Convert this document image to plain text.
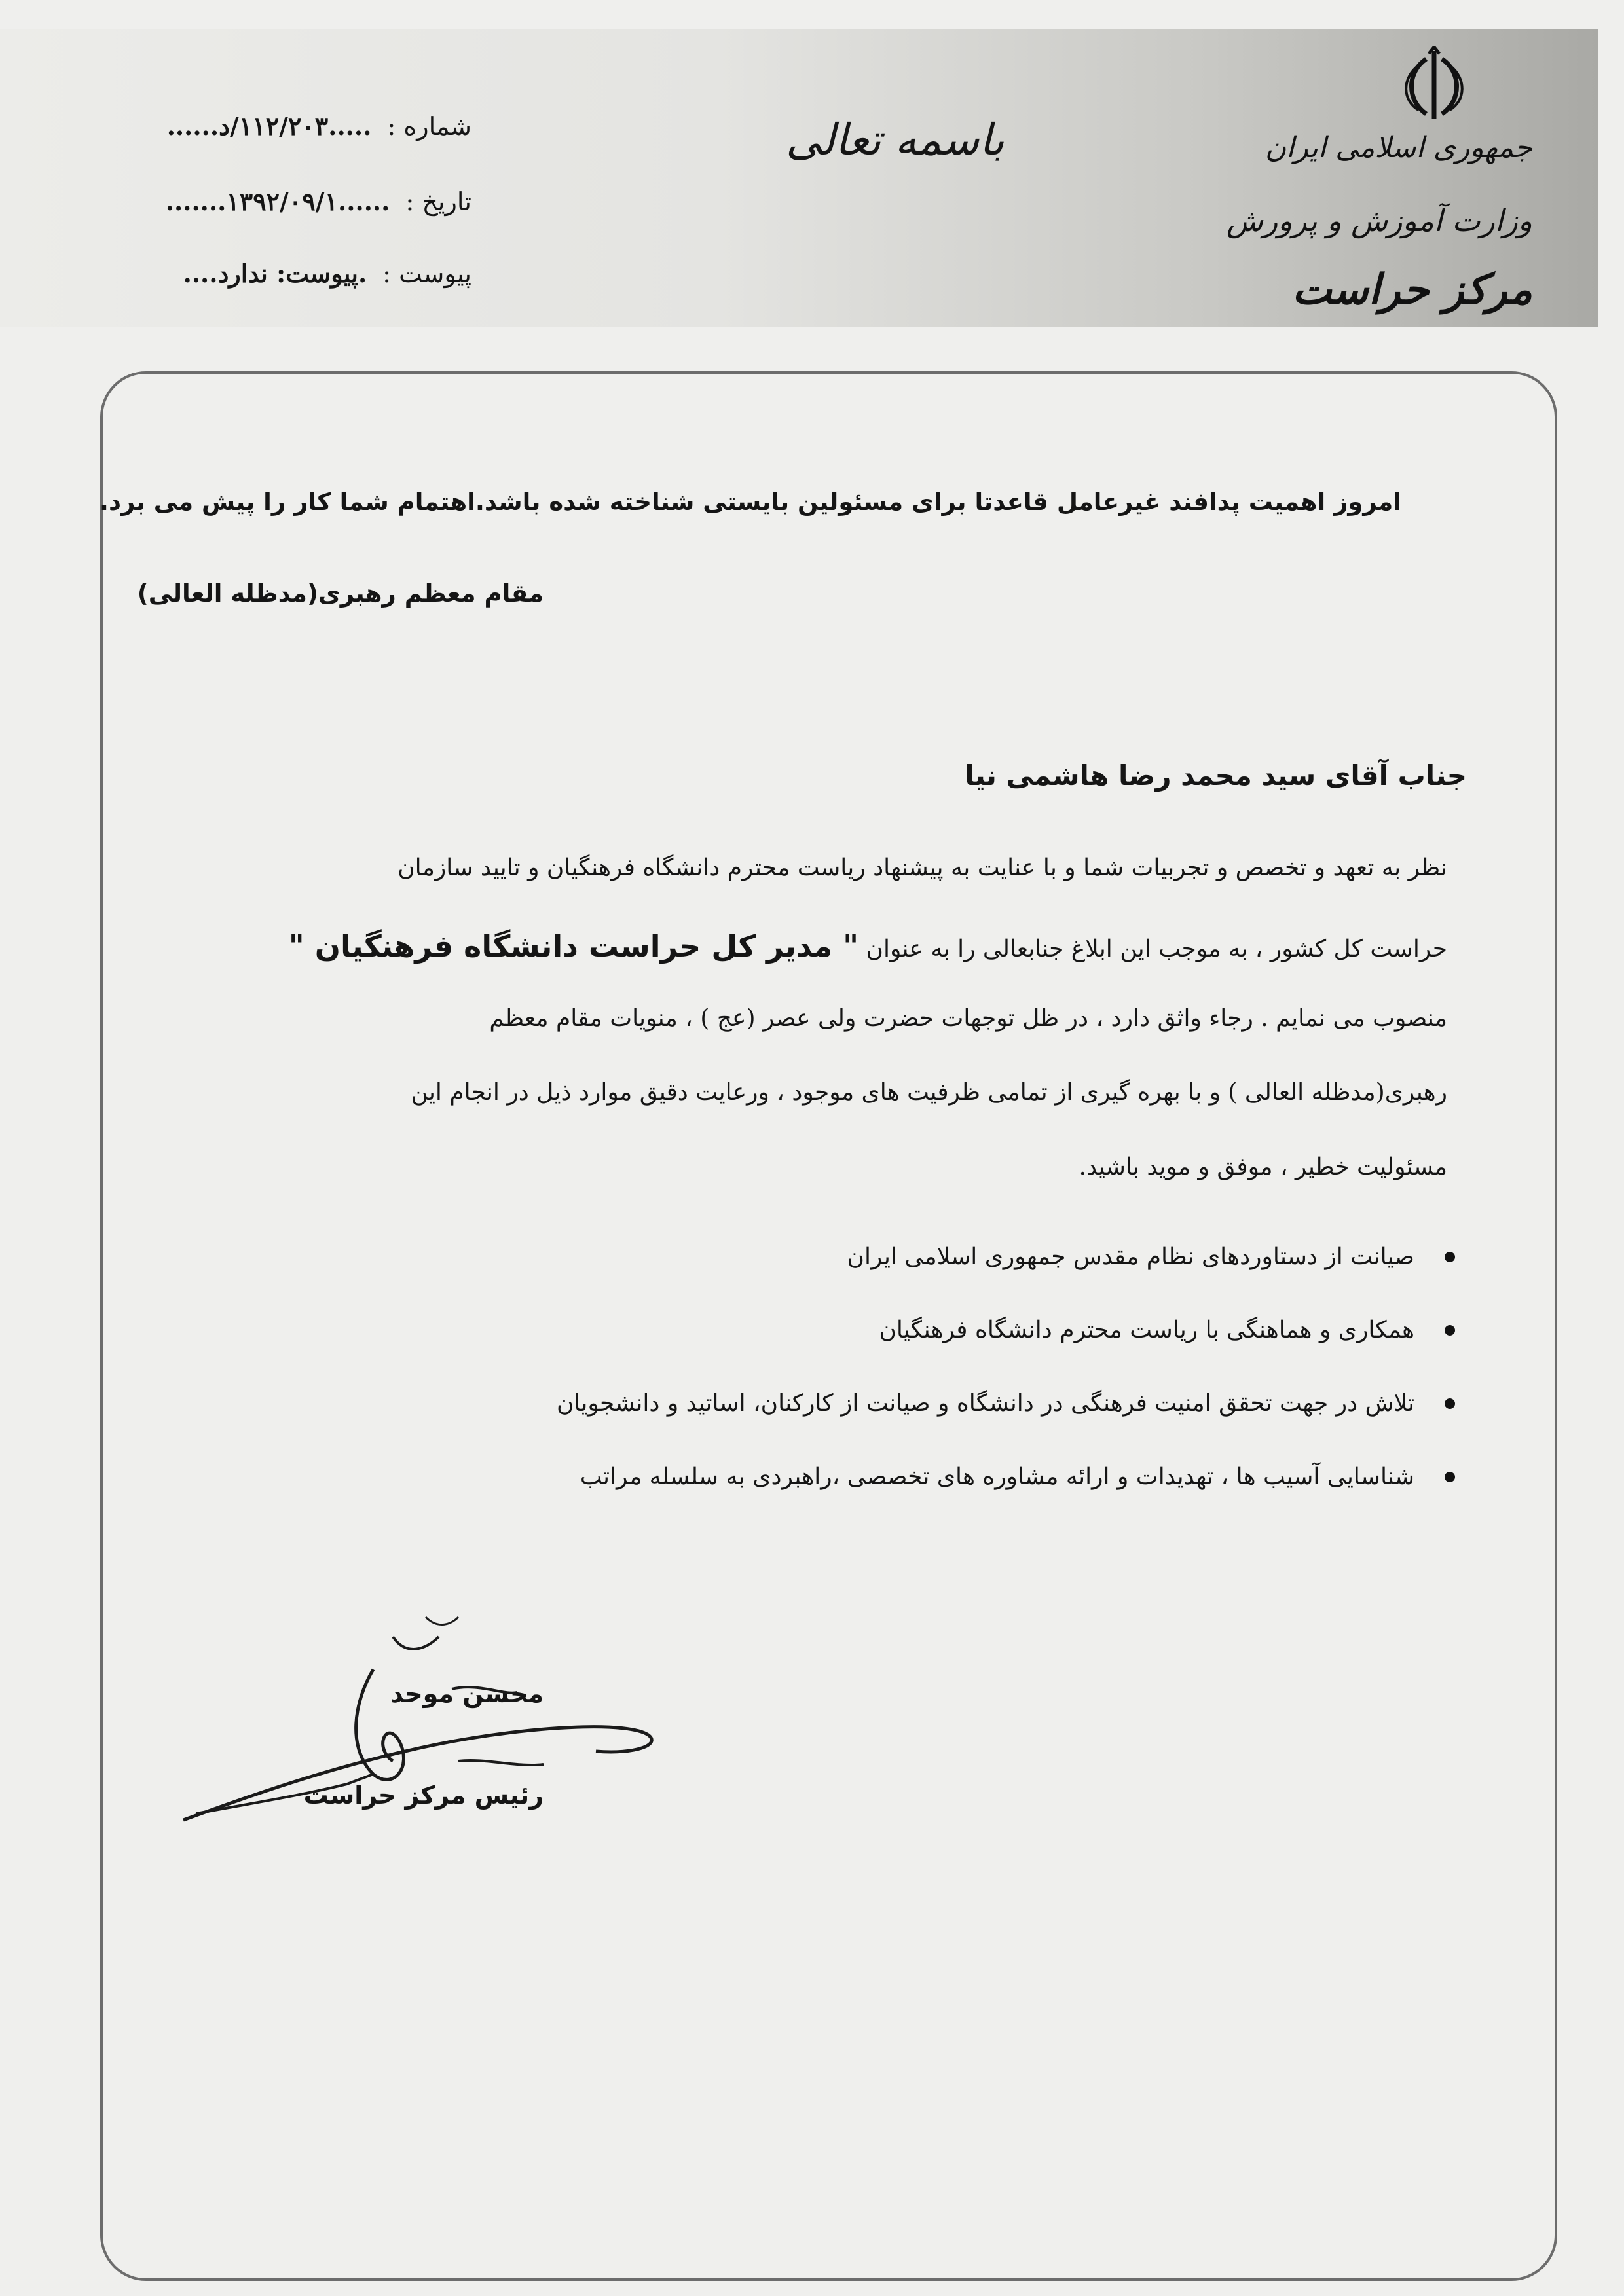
جمهوری اسلامی ایران
وزارت آموزش و پرورش
مرکز حراست
باسمه تعالی
شماره : .....۱۱۲/۲۰۳/د......
تاریخ : ......۱۳۹۲/۰۹/۱.......
پیوست : .پیوست: ندارد....
امروز اهمیت پدافند غیرعامل قاعدتا برای مسئولین بایستی شناخته شده باشد.اهتمام شما کار را پیش می برد.
مقام معظم رهبری(مدظله العالی)
جناب آقای سید محمد رضا هاشمی نیا
نظر به تعهد و تخصص و تجربیات شما و با عنایت به پیشنهاد ریاست محترم دانشگاه فرهنگیان و تایید سازمان
حراست کل کشور ، به موجب این ابلاغ جنابعالی را به عنوان " مدیر کل حراست دانشگاه فرهنگیان "
منصوب می نمایم . رجاء واثق دارد ، در ظل توجهات حضرت ولی عصر (عج ) ، منویات مقام معظم
رهبری(مدظله العالی ) و با بهره گیری از تمامی ظرفیت های موجود ، ورعایت دقیق موارد ذیل در انجام این
مسئولیت خطیر ، موفق و موید باشید.
صیانت از دستاوردهای نظام مقدس جمهوری اسلامی ایران
همکاری و هماهنگی با ریاست محترم دانشگاه فرهنگیان
تلاش در جهت تحقق امنیت فرهنگی در دانشگاه و صیانت از کارکنان، اساتید و دانشجویان
شناسایی آسیب ها ، تهدیدات و ارائه مشاوره های تخصصی ،راهبردی به سلسله مراتب
محسن موحد
رئیس مرکز حراست
